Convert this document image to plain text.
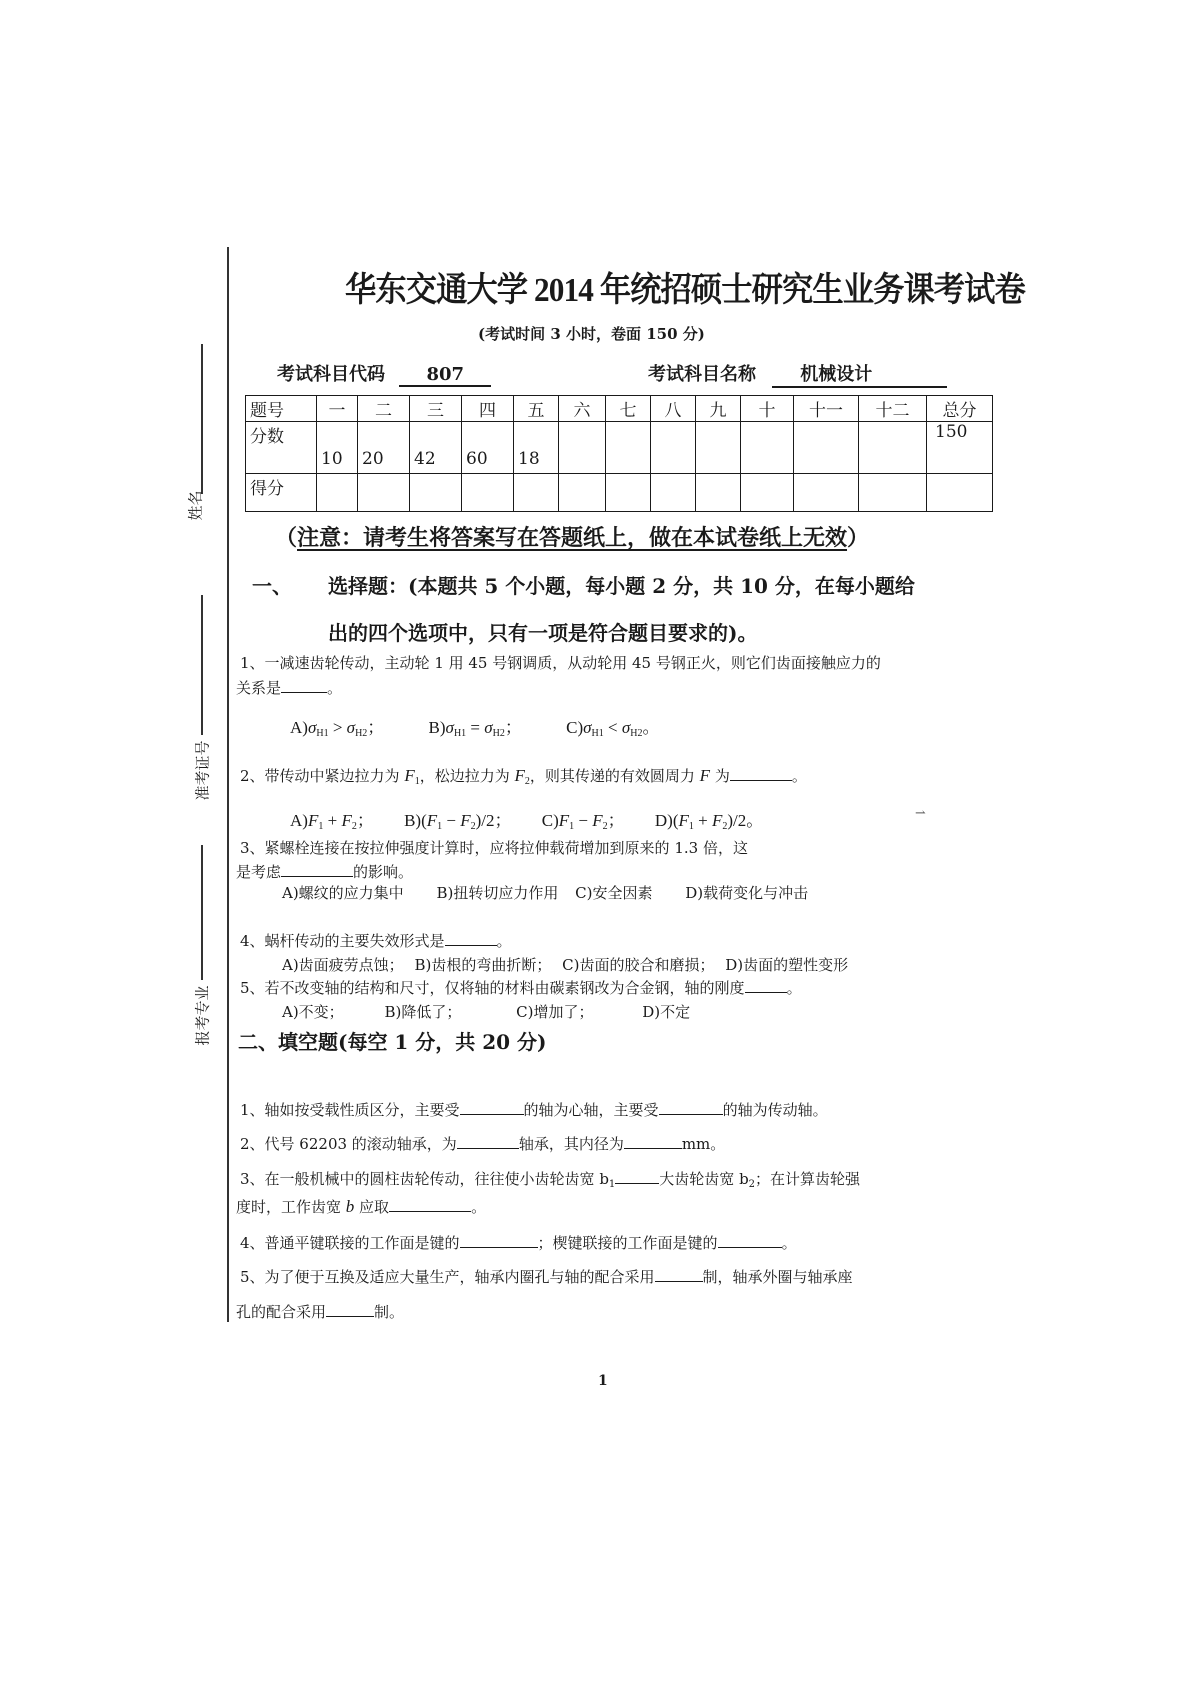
姓名
准考证号
报考专业
华东交通大学 2014 年统招硕士研究生业务课考试卷
(考试时间 3 小时，卷面 150 分)
考试科目代码 807	考试科目名称 机械设计
题号	一	二	三	四	五	六	七	八	九	十	十一	十二	总分
分数	10	20	42	60	18								150
得分													
（注意：请考生将答案写在答题纸上，做在本试卷纸上无效）
一、 选择题：(本题共 5 个小题，每小题 2 分，共 10 分，在每小题给
出的四个选项中，只有一项是符合题目要求的)。
1、一减速齿轮传动，主动轮 1 用 45 号钢调质，从动轮用 45 号钢正火，则它们齿面接触应力的
关系是	。
$A)\sigma_{H1} > \sigma_{H2}$；	$B)\sigma_{H1} = \sigma_{H2}$；	$C)\sigma_{H1} < \sigma_{H2}$。
2、带传动中紧边拉力为 $F_1$，松边拉力为 $F_2$，则其传递的有效圆周力 F 为	。
$A)F_1 + F_2$； $B)(F_1 - F_2)/2$； $C)F_1 - F_2$； $D)(F_1 + F_2)/2$。	⇀
3、紧螺栓连接在按拉伸强度计算时，应将拉伸载荷增加到原来的 1.3 倍，这
是考虑	的影响。
A)螺纹的应力集中 B)扭转切应力作用 C)安全因素 D)载荷变化与冲击
4、蜗杆传动的主要失效形式是	。
A)齿面疲劳点蚀； B)齿根的弯曲折断； C)齿面的胶合和磨损； D)齿面的塑性变形
5、若不改变轴的结构和尺寸，仅将轴的材料由碳素钢改为合金钢，轴的刚度	。
A)不变；	B)降低了；	C)增加了；	D)不定
二、填空题(每空 1 分，共 20 分)
1、轴如按受载性质区分，主要受	的轴为心轴，主要受	的轴为传动轴。
2、代号 62203 的滚动轴承，为	轴承，其内径为	mm。
3、在一般机械中的圆柱齿轮传动，往往使小齿轮齿宽 $b_1$	大齿轮齿宽 $b_2$；在计算齿轮强
度时，工作齿宽 b 应取	。
4、普通平键联接的工作面是键的	；楔键联接的工作面是键的	。
5、为了便于互换及适应大量生产，轴承内圈孔与轴的配合采用	制，轴承外圈与轴承座
孔的配合采用	制。
1
